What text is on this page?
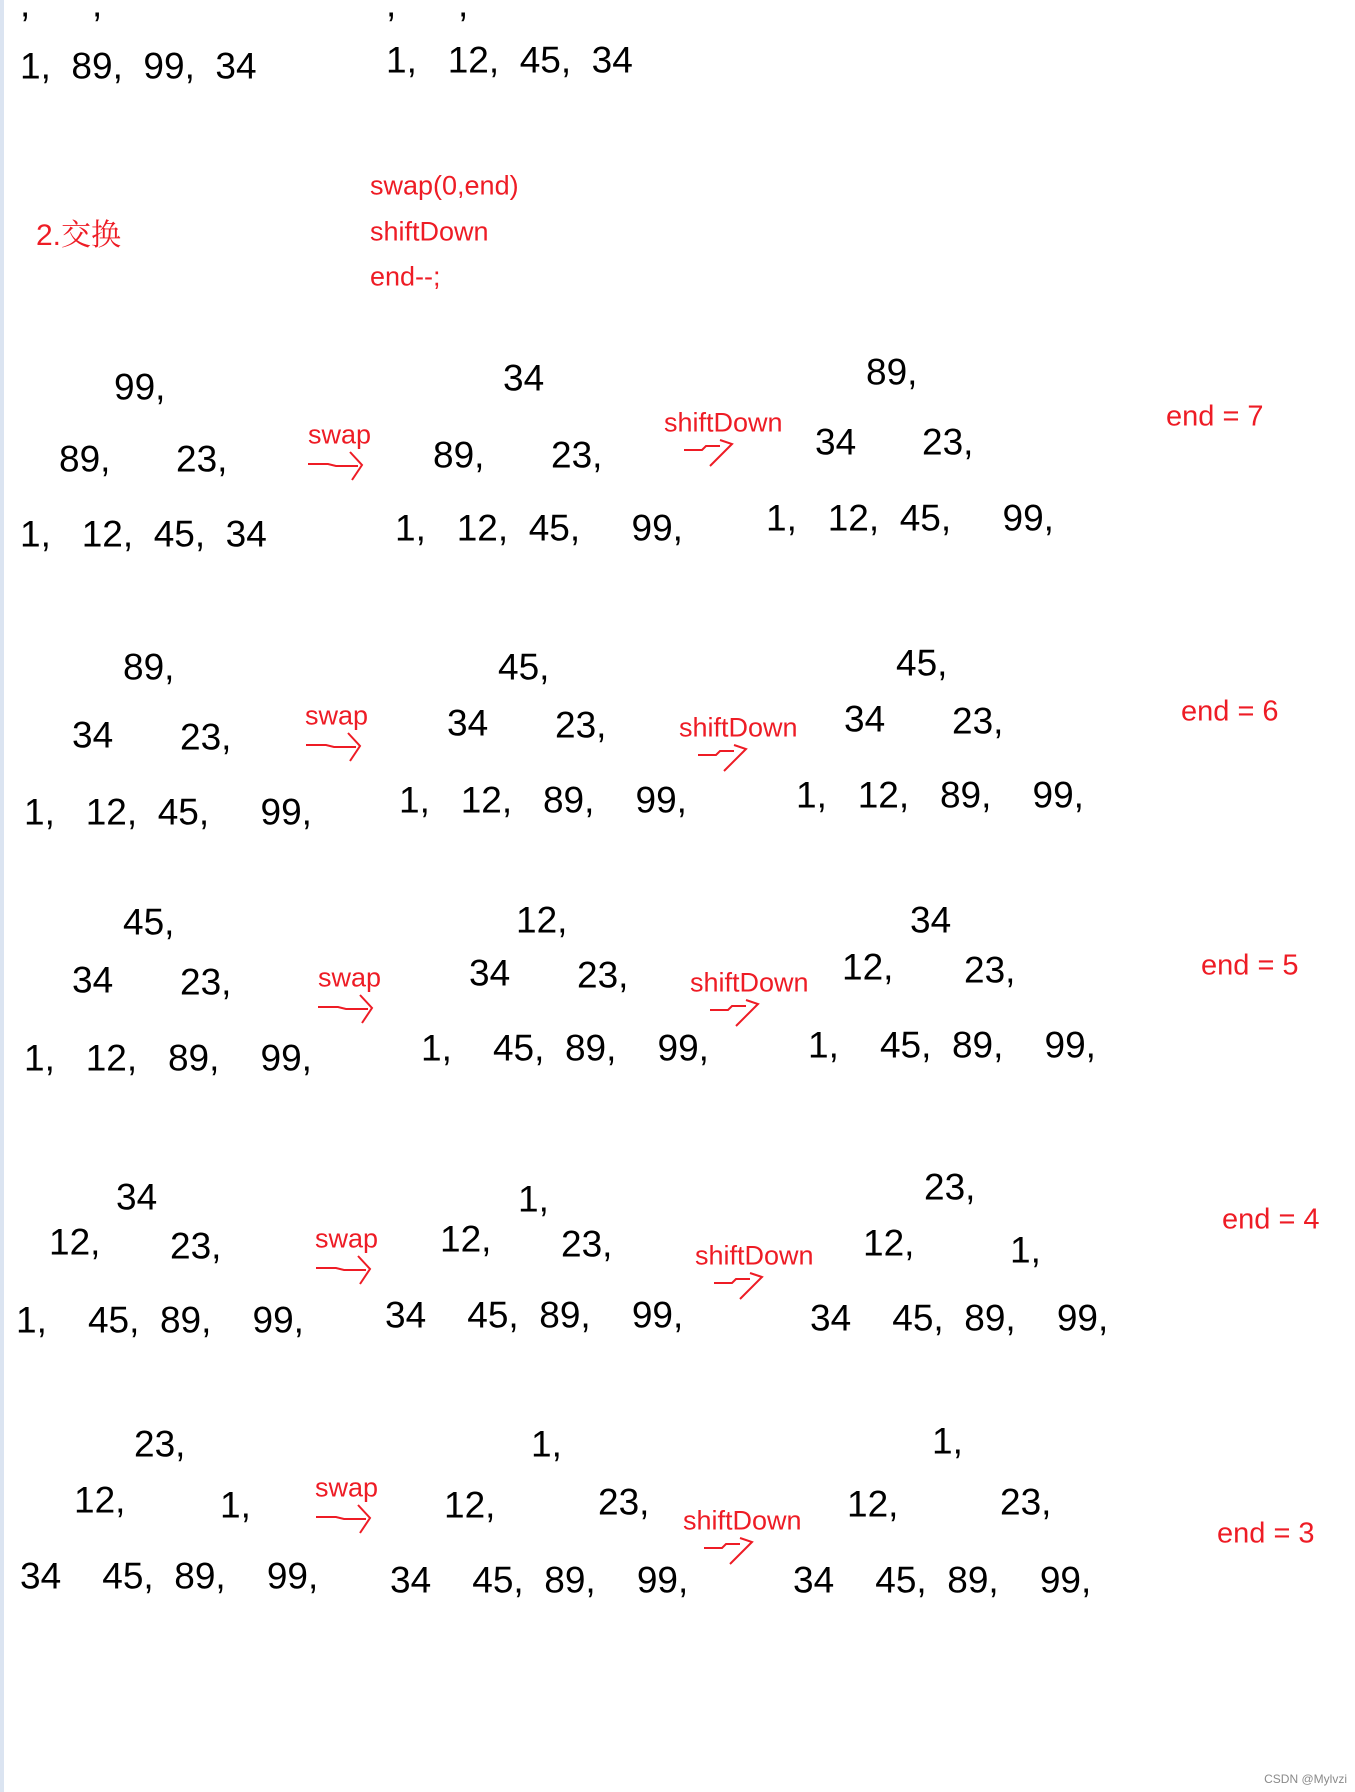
,      ,	,      ,
1,  89,  99,  34	1,   12,  45,  34
2.交换
swap(0,end)
shiftDown
end--;
99,
89, 23,
1,   12,  45,  34
swap
34
89, 23,
1,   12,  45,     99,
shiftDown
89,
34 23,
1,   12,  45,     99,
end = 7
89,
34 23,
1,   12,  45,     99,
swap
45,
34 23,
1,   12,   89,    99,
shiftDown
45,
34 23,
1,   12,   89,    99,
end = 6
45,
34 23,
1,   12,   89,    99,
swap
12,
34 23,
1,    45,  89,    99,
shiftDown
34
12, 23,
1,    45,  89,    99,
end = 5
34
12, 23,
1,    45,  89,    99,
swap
1,
12, 23,
34    45,  89,    99,
shiftDown
23,
12,	1,
34    45,  89,    99,
end = 4
23,
12,	1,
34    45,  89,    99,
swap
1,
12,	23,
34    45,  89,    99,
shiftDown
1,
12,	23,
34    45,  89,    99,
end = 3
CSDN @Mylvzi
